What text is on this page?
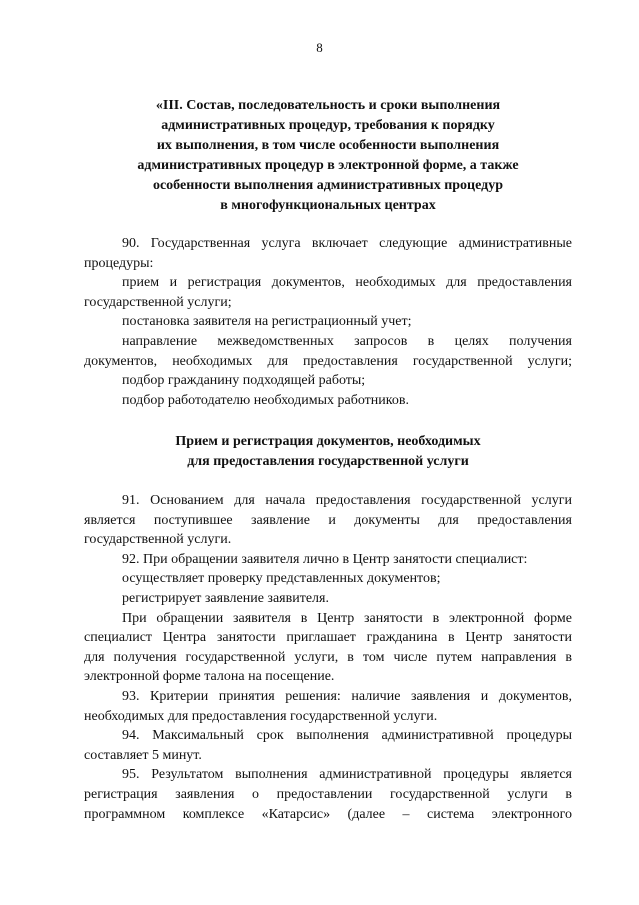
8
«III. Состав, последовательность и сроки выполнения
административных процедур, требования к порядку
их выполнения, в том числе особенности выполнения
административных процедур в электронной форме, а также
особенности выполнения административных процедур
в многофункциональных центрах
90. Государственная услуга включает следующие административные
процедуры:
прием и регистрация документов, необходимых для предоставления
государственной услуги;
постановка заявителя на регистрационный учет;
направление межведомственных запросов в целях получения
документов, необходимых для предоставления государственной услуги;
подбор гражданину подходящей работы;
подбор работодателю необходимых работников.
Прием и регистрация документов, необходимых
для предоставления государственной услуги
91. Основанием для начала предоставления государственной услуги
является поступившее заявление и документы для предоставления
государственной услуги.
92. При обращении заявителя лично в Центр занятости специалист:
осуществляет проверку представленных документов;
регистрирует заявление заявителя.
При обращении заявителя в Центр занятости в электронной форме
специалист Центра занятости приглашает гражданина в Центр занятости
для получения государственной услуги, в том числе путем направления в
электронной форме талона на посещение.
93. Критерии принятия решения: наличие заявления и документов,
необходимых для предоставления государственной услуги.
94. Максимальный срок выполнения административной процедуры
составляет 5 минут.
95. Результатом выполнения административной процедуры является
регистрация заявления о предоставлении государственной услуги в
программном комплексе «Катарсис» (далее – система электронного
